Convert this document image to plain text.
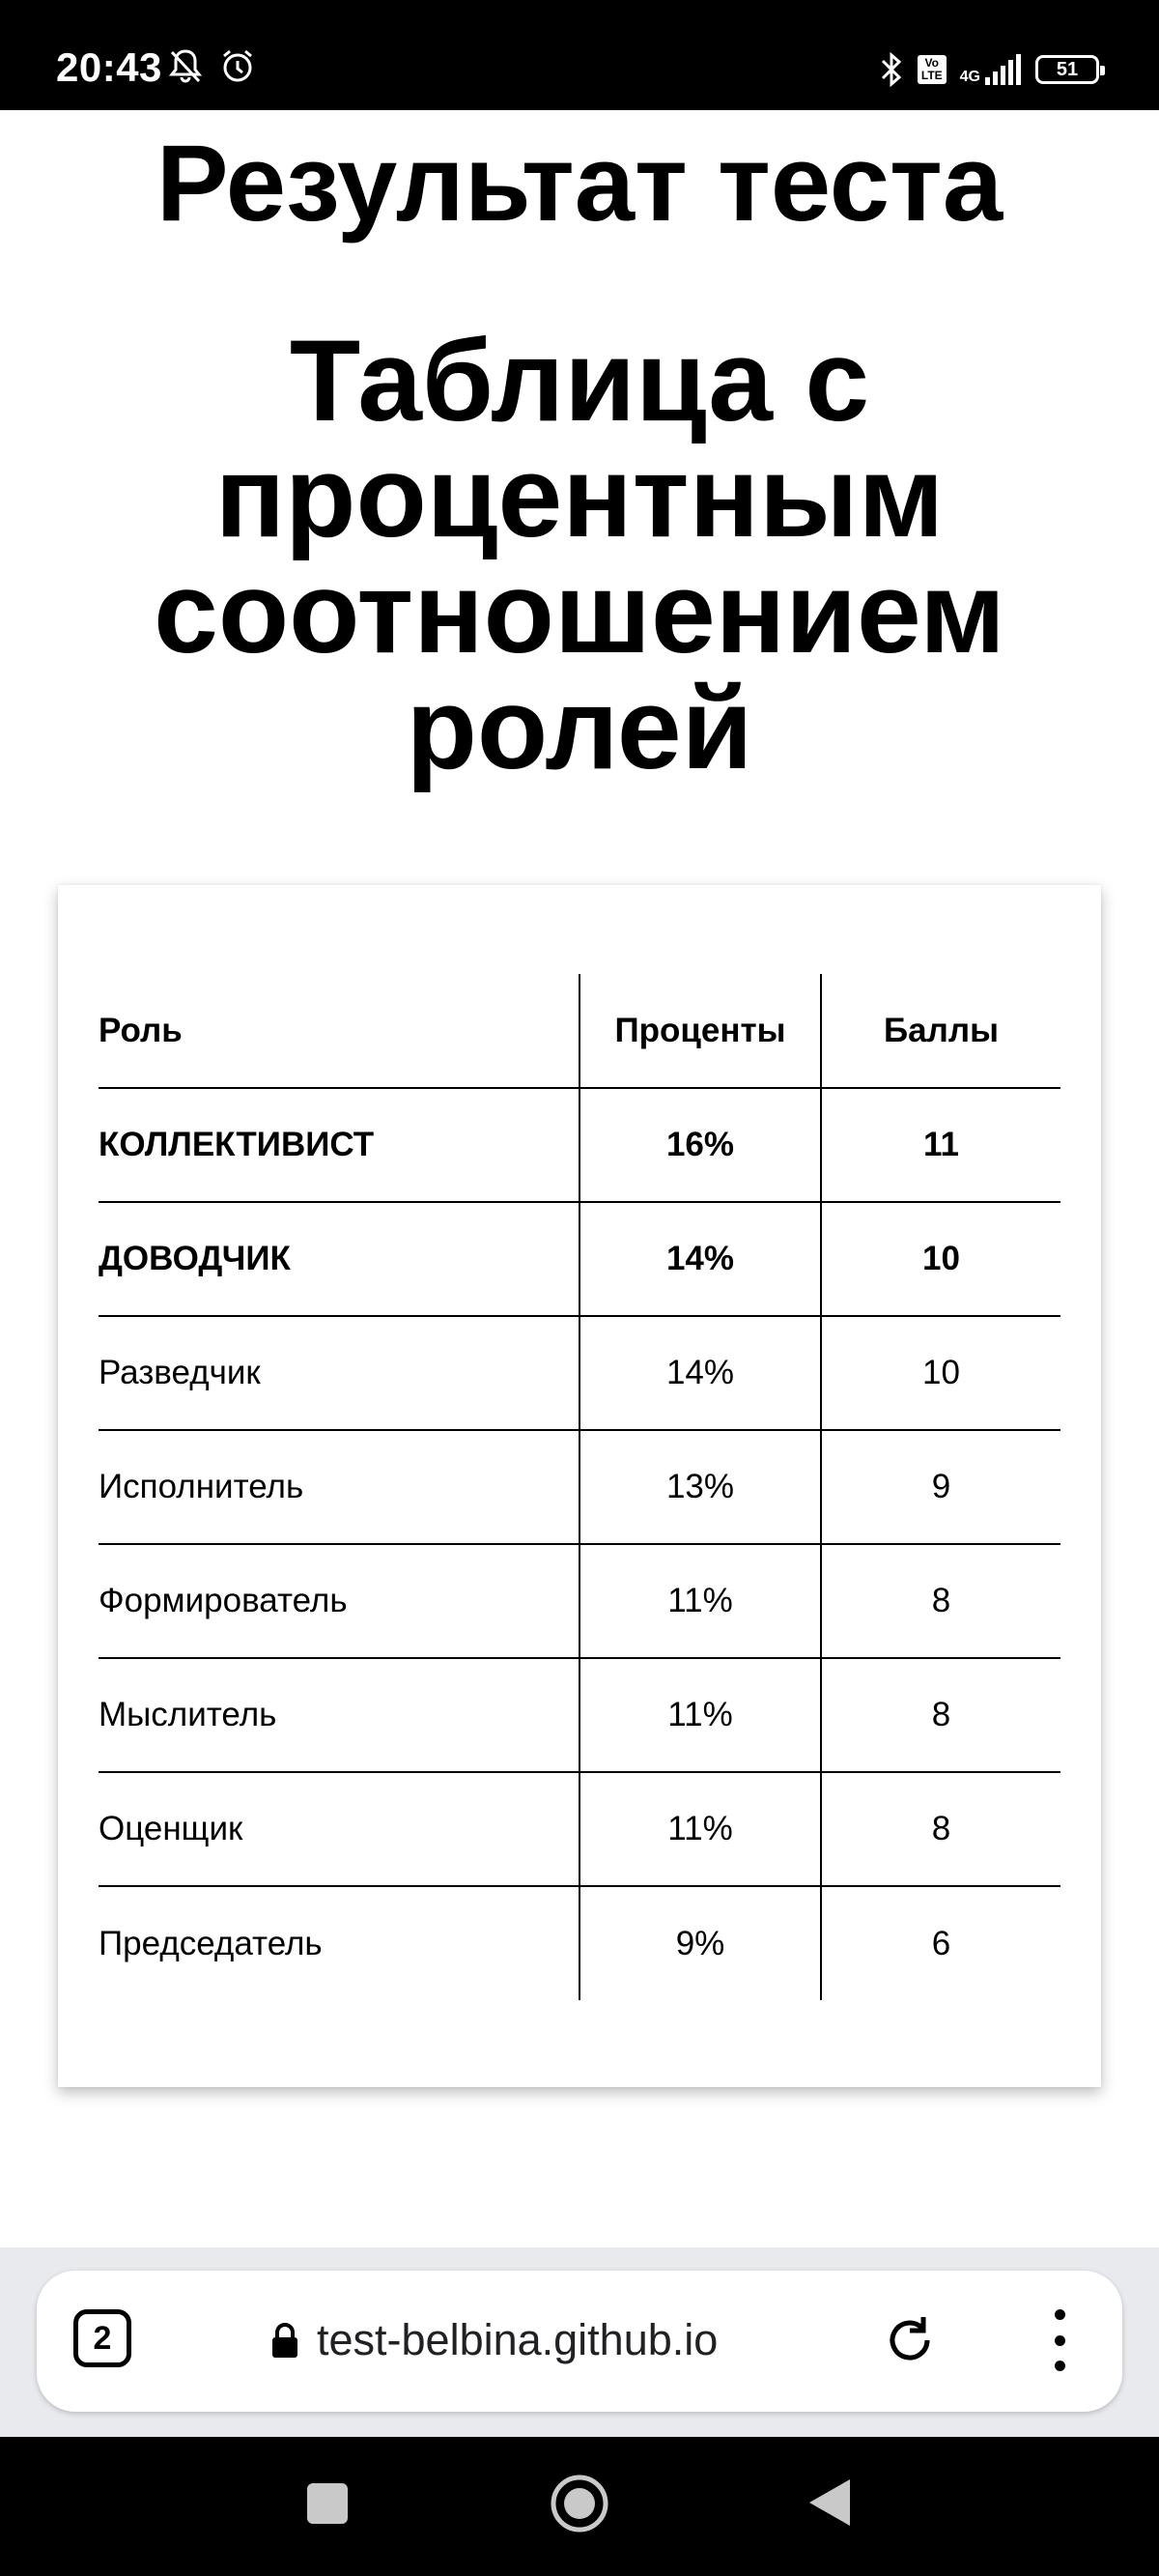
20:43	Vo
LTE 4G	51
Результат теста
Таблица с процентным соотношением ролей
Роль	Проценты	Баллы
КОЛЛЕКТИВИСТ	16%	11
ДОВОДЧИК	14%	10
Разведчик	14%	10
Исполнитель	13%	9
Формирователь	11%	8
Мыслитель	11%	8
Оценщик	11%	8
Председатель	9%	6
2	test-belbina.github.io
